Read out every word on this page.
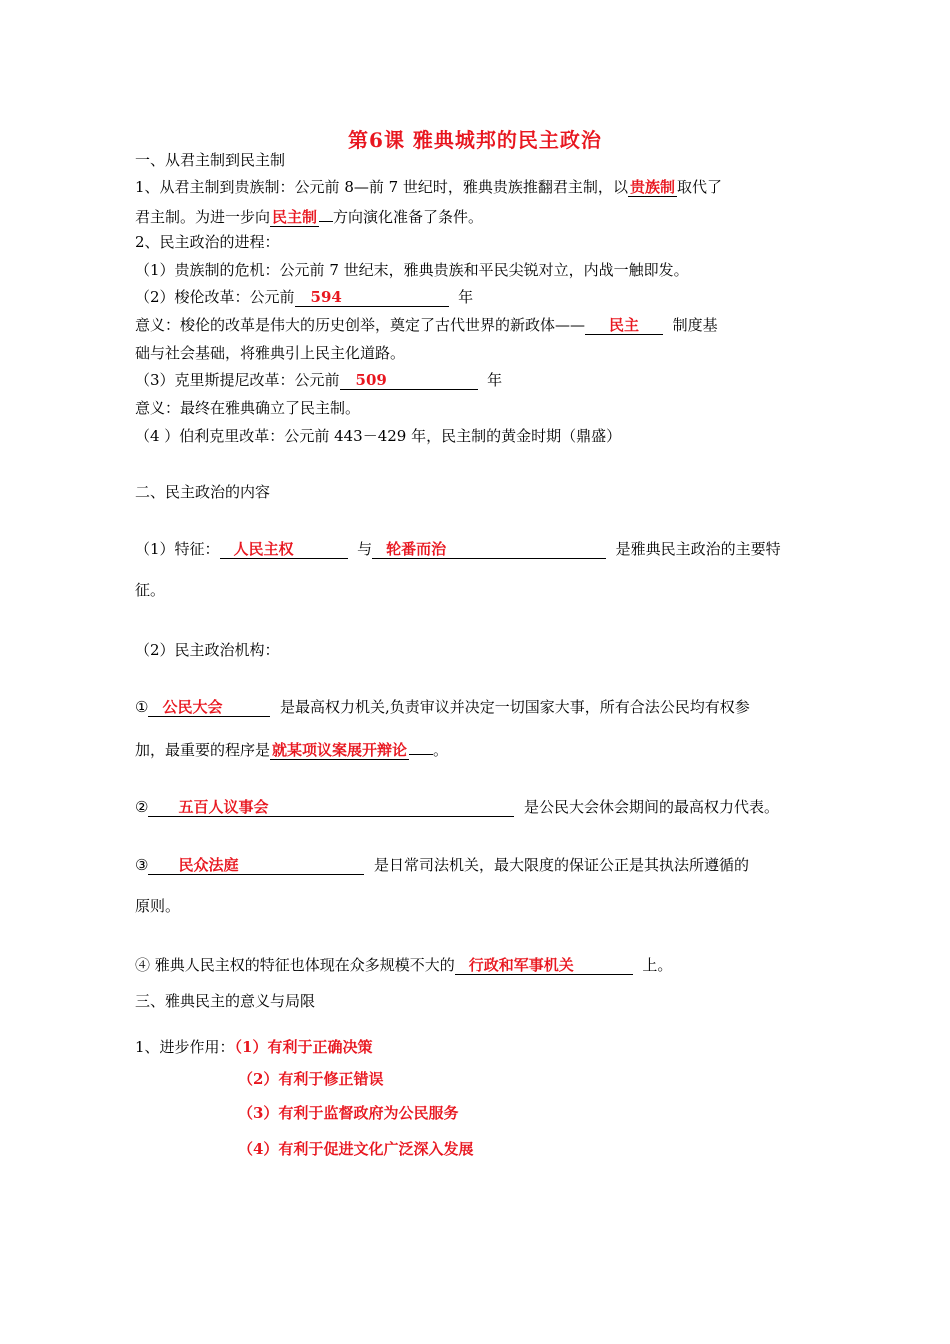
第6课 雅典城邦的民主政治
一、从君主制到民主制
1、从君主制到贵族制：公元前 8—前 7 世纪时，雅典贵族推翻君主制，以 贵族制 取代了
君主制。为进一步向 民主制 方向演化准备了条件。
2、民主政治的进程：
（1）贵族制的危机：公元前 7 世纪末，雅典贵族和平民尖锐对立，内战一触即发。
（2）梭伦改革：公元前 594	年
意义：梭伦的改革是伟大的历史创举，奠定了古代世界的新政体—— 民主 制度基
础与社会基础，将雅典引上民主化道路。
（3）克里斯提尼改革：公元前 509	年
意义：最终在雅典确立了民主制。
（4 ）伯利克里改革：公元前 443－429 年，民主制的黄金时期（鼎盛）
二、民主政治的内容
（1）特征： 人民主权	与 轮番而治	是雅典民主政治的主要特
征。
（2）民主政治机构：
① 公民大会	是最高权力机关,负责审议并决定一切国家大事，所有合法公民均有权参
加，最重要的程序是 就某项议案展开辩论 。
② 五百人议事会	是公民大会休会期间的最高权力代表。
③ 民众法庭	是日常司法机关，最大限度的保证公正是其执法所遵循的
原则。
④ 雅典人民主权的特征也体现在众多规模不大的 行政和军事机关	上。
三、雅典民主的意义与局限
1、进步作用：（1）有利于正确决策
（2）有利于修正错误
（3）有利于监督政府为公民服务
（4）有利于促进文化广泛深入发展
